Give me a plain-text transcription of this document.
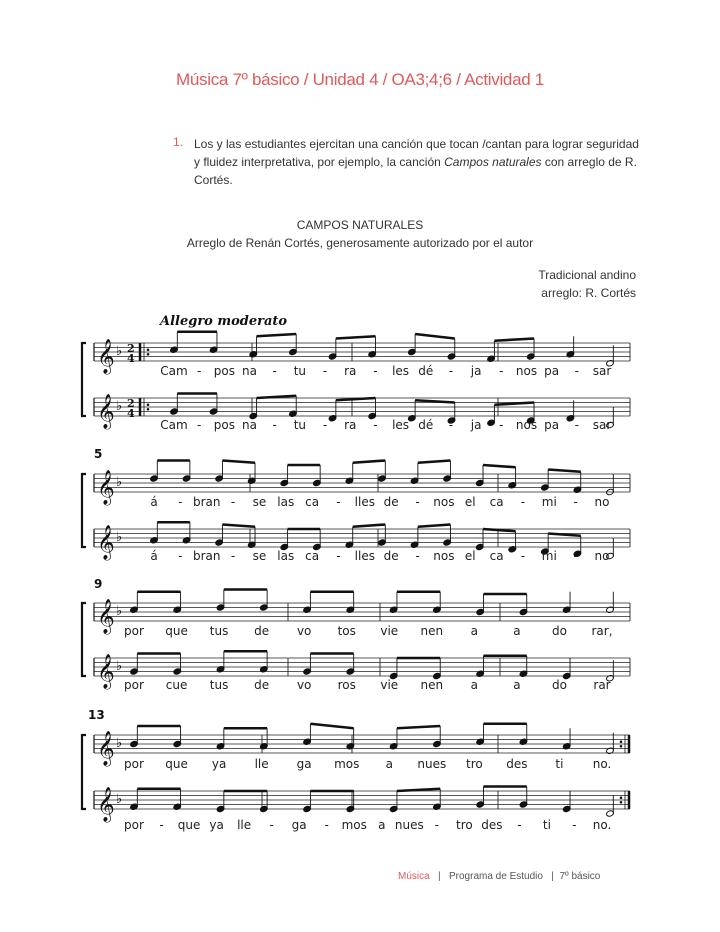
Música 7º básico / Unidad 4 / OA3;4;6 / Actividad 1
1. Los y las estudiantes ejercitan una canción que tocan /cantan para lograr seguridad y fluidez interpretativa, por ejemplo, la canción Campos naturales con arreglo de R. Cortés.
CAMPOS NATURALES
Arreglo de Renán Cortés, generosamente autorizado por el autor
Tradicional andino
arreglo: R. Cortés
Allegro moderato
5
9
13
𝄞 ♭ 2
4
𝄞 ♭ 2
4
𝄞 ♭
𝄞 ♭
𝄞 ♭
𝄞 ♭
𝄞 ♭
𝄞 ♭
Cam - pos na - tu - ra - les dé - ja - nos pa - sar
Cam - pos na - tu - ra - les dé - ja - nos pa - sar
á - bran - se las ca - lles de - nos el ca - mi - no
á - bran - se las ca - lles de - nos el ca - mi - no
por que tus de vo tos vie nen a	a	do rar,
por cue tus de vo ros vie nen a	a	do rar
por que ya lle ga mos a nues tro des ti no.
por - que ya lle - ga - mos a nues - tro des - ti - no.
Música | Programa de Estudio | 7º básico
